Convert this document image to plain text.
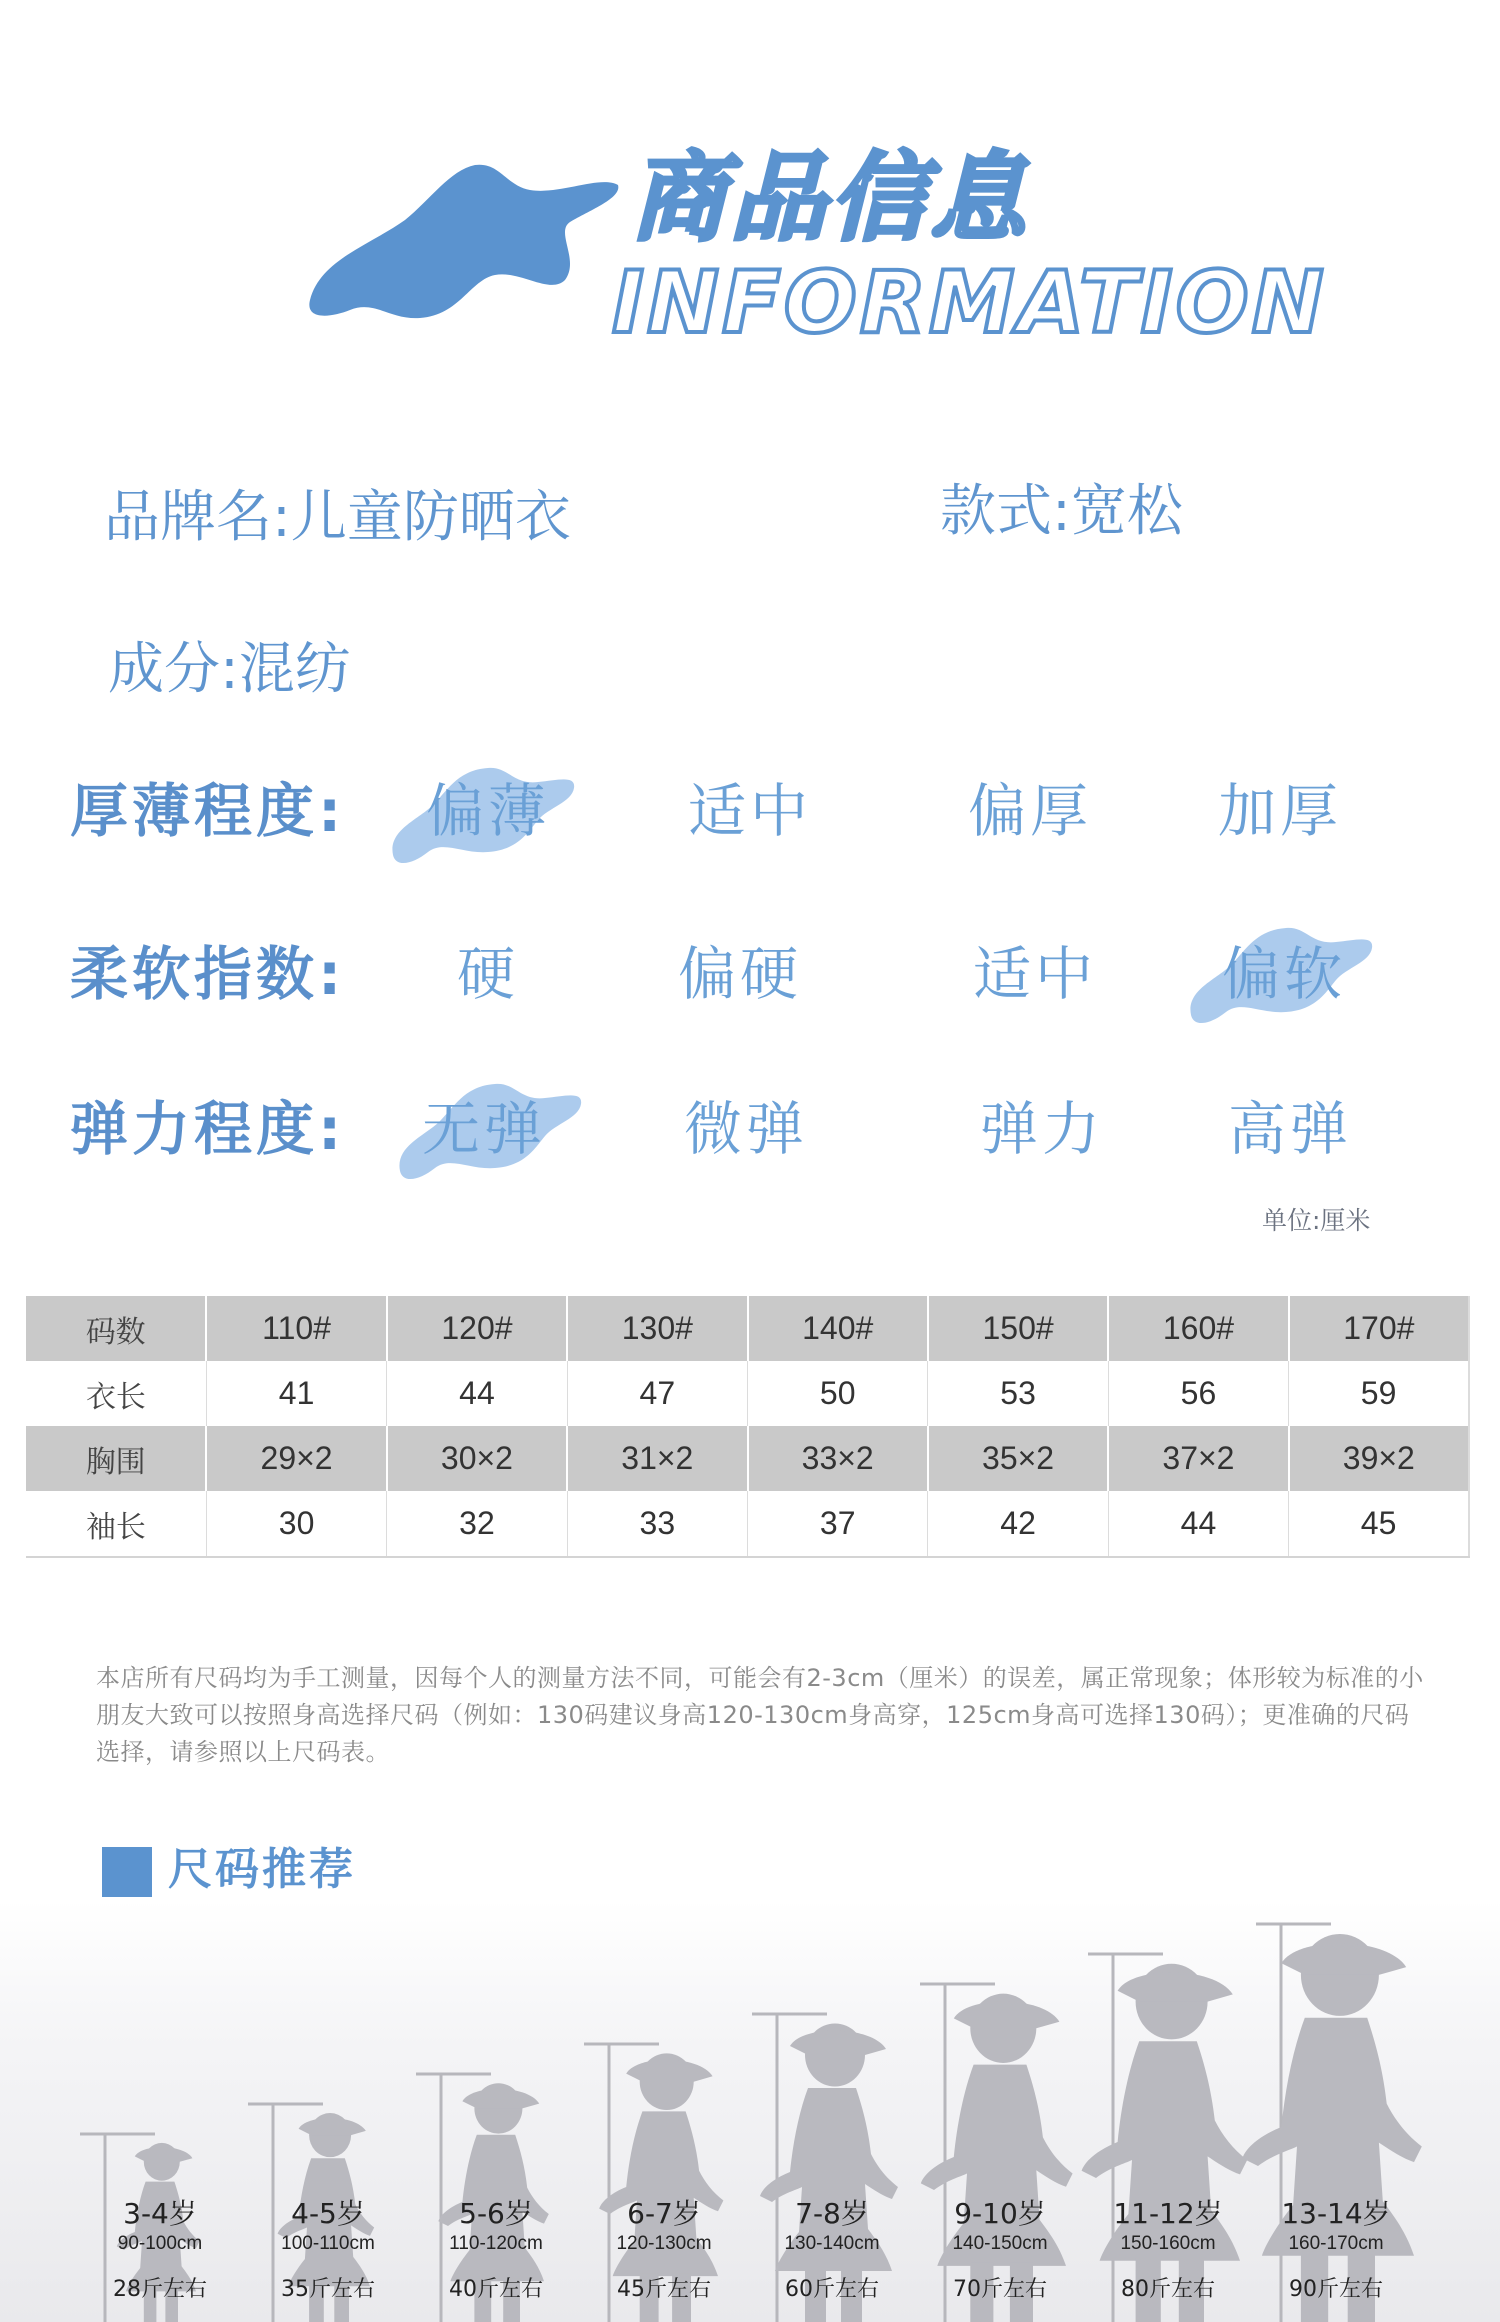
商品信息
INFORMATION
品牌名:儿童防晒衣	款式:宽松
成分:混纺
厚薄程度:	偏薄	适中	偏厚	加厚
柔软指数:	硬	偏硬	适中	偏软
弹力程度:	无弹	微弹	弹力	高弹
单位:厘米
码数	110#	120#	130#	140#	150#	160#	170#
衣长	41	44	47	50	53	56	59
胸围	29×2	30×2	31×2	33×2	35×2	37×2	39×2
袖长	30	32	33	37	42	44	45
本店所有尺码均为手工测量，因每个人的测量方法不同，可能会有2-3cm（厘米）的误差，属正常现象；体形较为标准的小朋友大致可以按照身高选择尺码（例如：130码建议身高120-130cm身高穿，125cm身高可选择130码）；更准确的尺码选择，请参照以上尺码表。
尺码推荐
3-4岁
90-100cm
28斤左右
4-5岁
100-110cm
35斤左右
5-6岁
110-120cm
40斤左右
6-7岁
120-130cm
45斤左右
7-8岁
130-140cm
60斤左右
9-10岁
140-150cm
70斤左右
11-12岁
150-160cm
80斤左右
13-14岁
160-170cm
90斤左右
